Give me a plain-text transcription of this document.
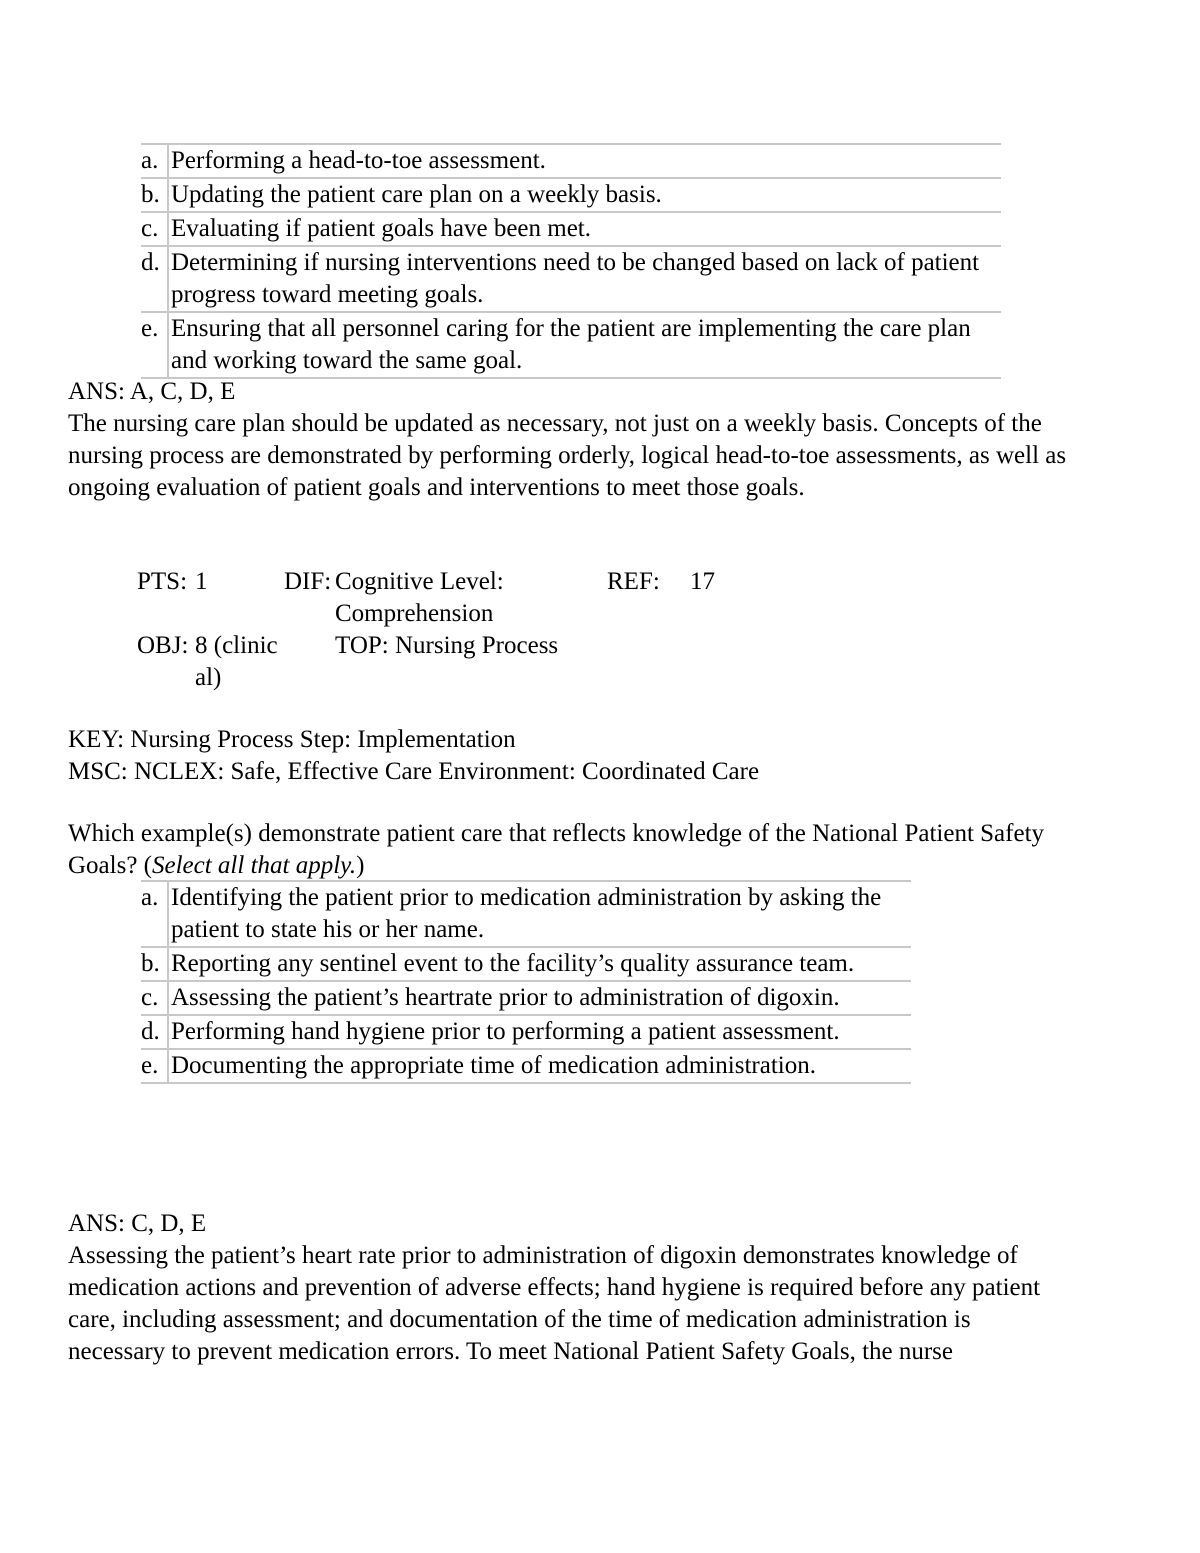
a. Performing a head-to-toe assessment.
b. Updating the patient care plan on a weekly basis.
c. Evaluating if patient goals have been met.
d. Determining if nursing interventions need to be changed based on lack of patient progress toward meeting goals.
e. Ensuring that all personnel caring for the patient are implementing the care plan and working toward the same goal.
ANS: A, C, D, E
The nursing care plan should be updated as necessary, not just on a weekly basis. Concepts of the nursing process are demonstrated by performing orderly, logical head-to-toe assessments, as well as ongoing evaluation of patient goals and interventions to meet those goals.
PTS: 1	DIF: Cognitive Level: Comprehension
REF: 17
OBJ: 8 (clinical)
TOP: Nursing Process
KEY: Nursing Process Step: Implementation
MSC: NCLEX: Safe, Effective Care Environment: Coordinated Care
Which example(s) demonstrate patient care that reflects knowledge of the National Patient Safety Goals? (Select all that apply.)
a. Identifying the patient prior to medication administration by asking the patient to state his or her name.
b. Reporting any sentinel event to the facility’s quality assurance team.
c. Assessing the patient’s heartrate prior to administration of digoxin.
d. Performing hand hygiene prior to performing a patient assessment.
e. Documenting the appropriate time of medication administration.
ANS: C, D, E
Assessing the patient’s heart rate prior to administration of digoxin demonstrates knowledge of medication actions and prevention of adverse effects; hand hygiene is required before any patient care, including assessment; and documentation of the time of medication administration is necessary to prevent medication errors. To meet National Patient Safety Goals, the nurse
